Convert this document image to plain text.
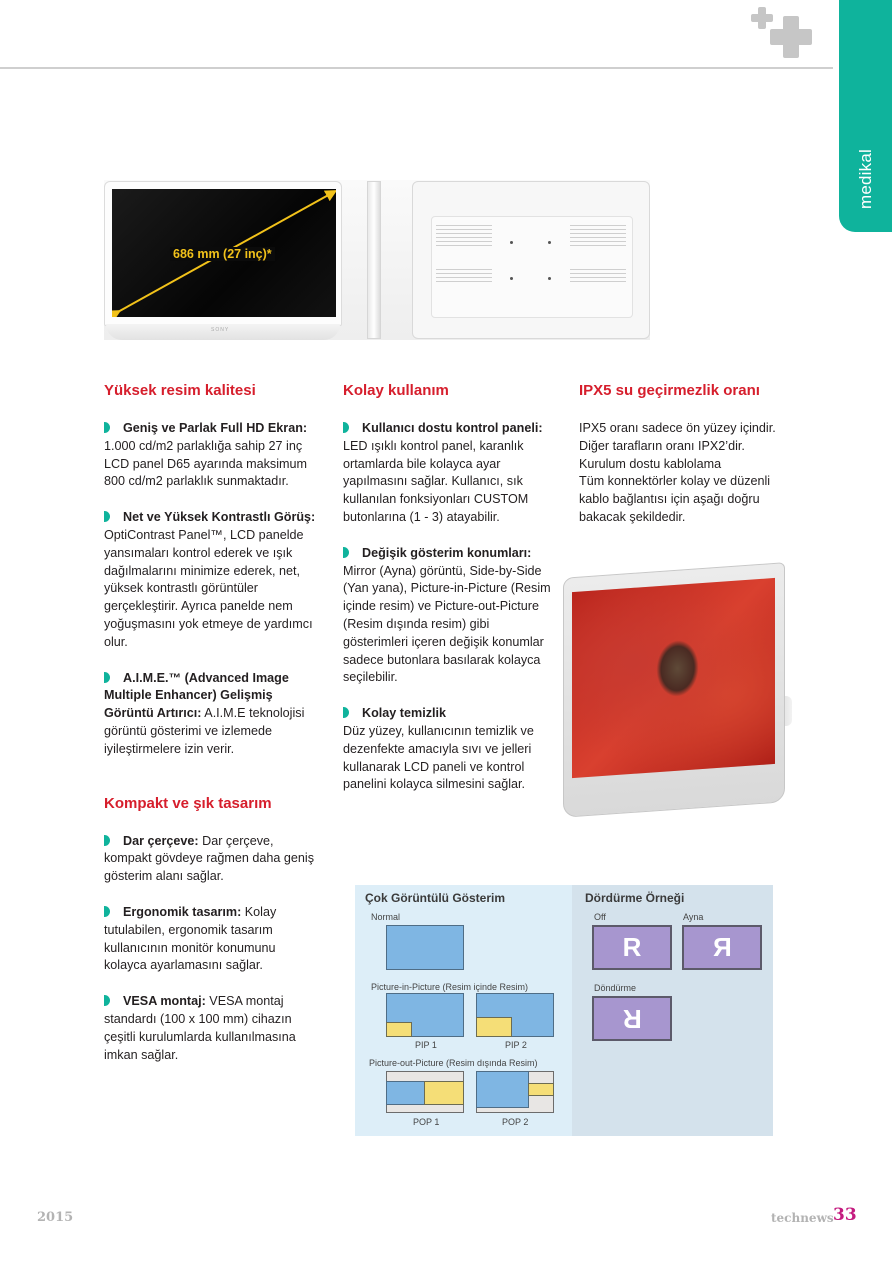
medikal
686 mm (27 inç)*
SONY
Yüksek resim kalitesi

Geniş ve Parlak Full HD Ekran: 1.000 cd/m2 parlaklığa sahip 27 inç LCD panel D65 ayarında maksimum 800 cd/m2 parlaklık sunmaktadır.

Net ve Yüksek Kontrastlı Görüş: OptiContrast Panel™, LCD panelde yansımaları kontrol ederek ve ışık dağılmalarını minimize ederek, net, yüksek kontrastlı görüntüler gerçekleştirir. Ayrıca panelde nem yoğuşmasını yok etmeye de yardımcı olur.

A.I.M.E.™ (Advanced Image Multiple Enhancer) Gelişmiş Görüntü Artırıcı: A.I.M.E teknolojisi görüntü gösterimi ve izlemede iyileştirmelere izin verir.

Kompakt ve şık tasarım

Dar çerçeve: Dar çerçeve, kompakt gövdeye rağmen daha geniş gösterim alanı sağlar.

Ergonomik tasarım: Kolay tutulabilen, ergonomik tasarım kullanıcının monitör konumunu kolayca ayarlamasını sağlar.

VESA montaj: VESA montaj standardı (100 x 100 mm) cihazın çeşitli kurulumlarda kullanılmasına imkan sağlar.

Kolay kullanım

Kullanıcı dostu kontrol paneli: LED ışıklı kontrol panel, karanlık ortamlarda bile kolayca ayar yapılmasını sağlar. Kullanıcı, sık kullanılan fonksiyonları CUSTOM butonlarına (1 - 3) atayabilir.

Değişik gösterim konumları: Mirror (Ayna) görüntü, Side-by-Side (Yan yana), Picture-in-Picture (Resim içinde resim) ve Picture-out-Picture (Resim dışında resim) gibi gösterimleri içeren değişik konumlar sadece butonlara basılarak kolayca seçilebilir.

Kolay temizlik
Düz yüzey, kullanıcının temizlik ve dezenfekte amacıyla sıvı ve jelleri kullanarak LCD paneli ve kontrol panelini kolayca silmesini sağlar.

IPX5 su geçirmezlik oranı

IPX5 oranı sadece ön yüzey içindir. Diğer tarafların oranı IPX2’dir.

Kurulum dostu kablolama

Tüm konnektörler kolay ve düzenli kablo bağlantısı için aşağı doğru bakacak şekildedir.

Çok Görüntülü Gösterim
Normal
Picture-in-Picture (Resim içinde Resim)
PIP 1	PIP 2
Picture-out-Picture (Resim dışında Resim)
POP 1	POP 2
Dördürme Örneği
Off	Ayna
R	R
Döndürme
R
2015	technews 33
